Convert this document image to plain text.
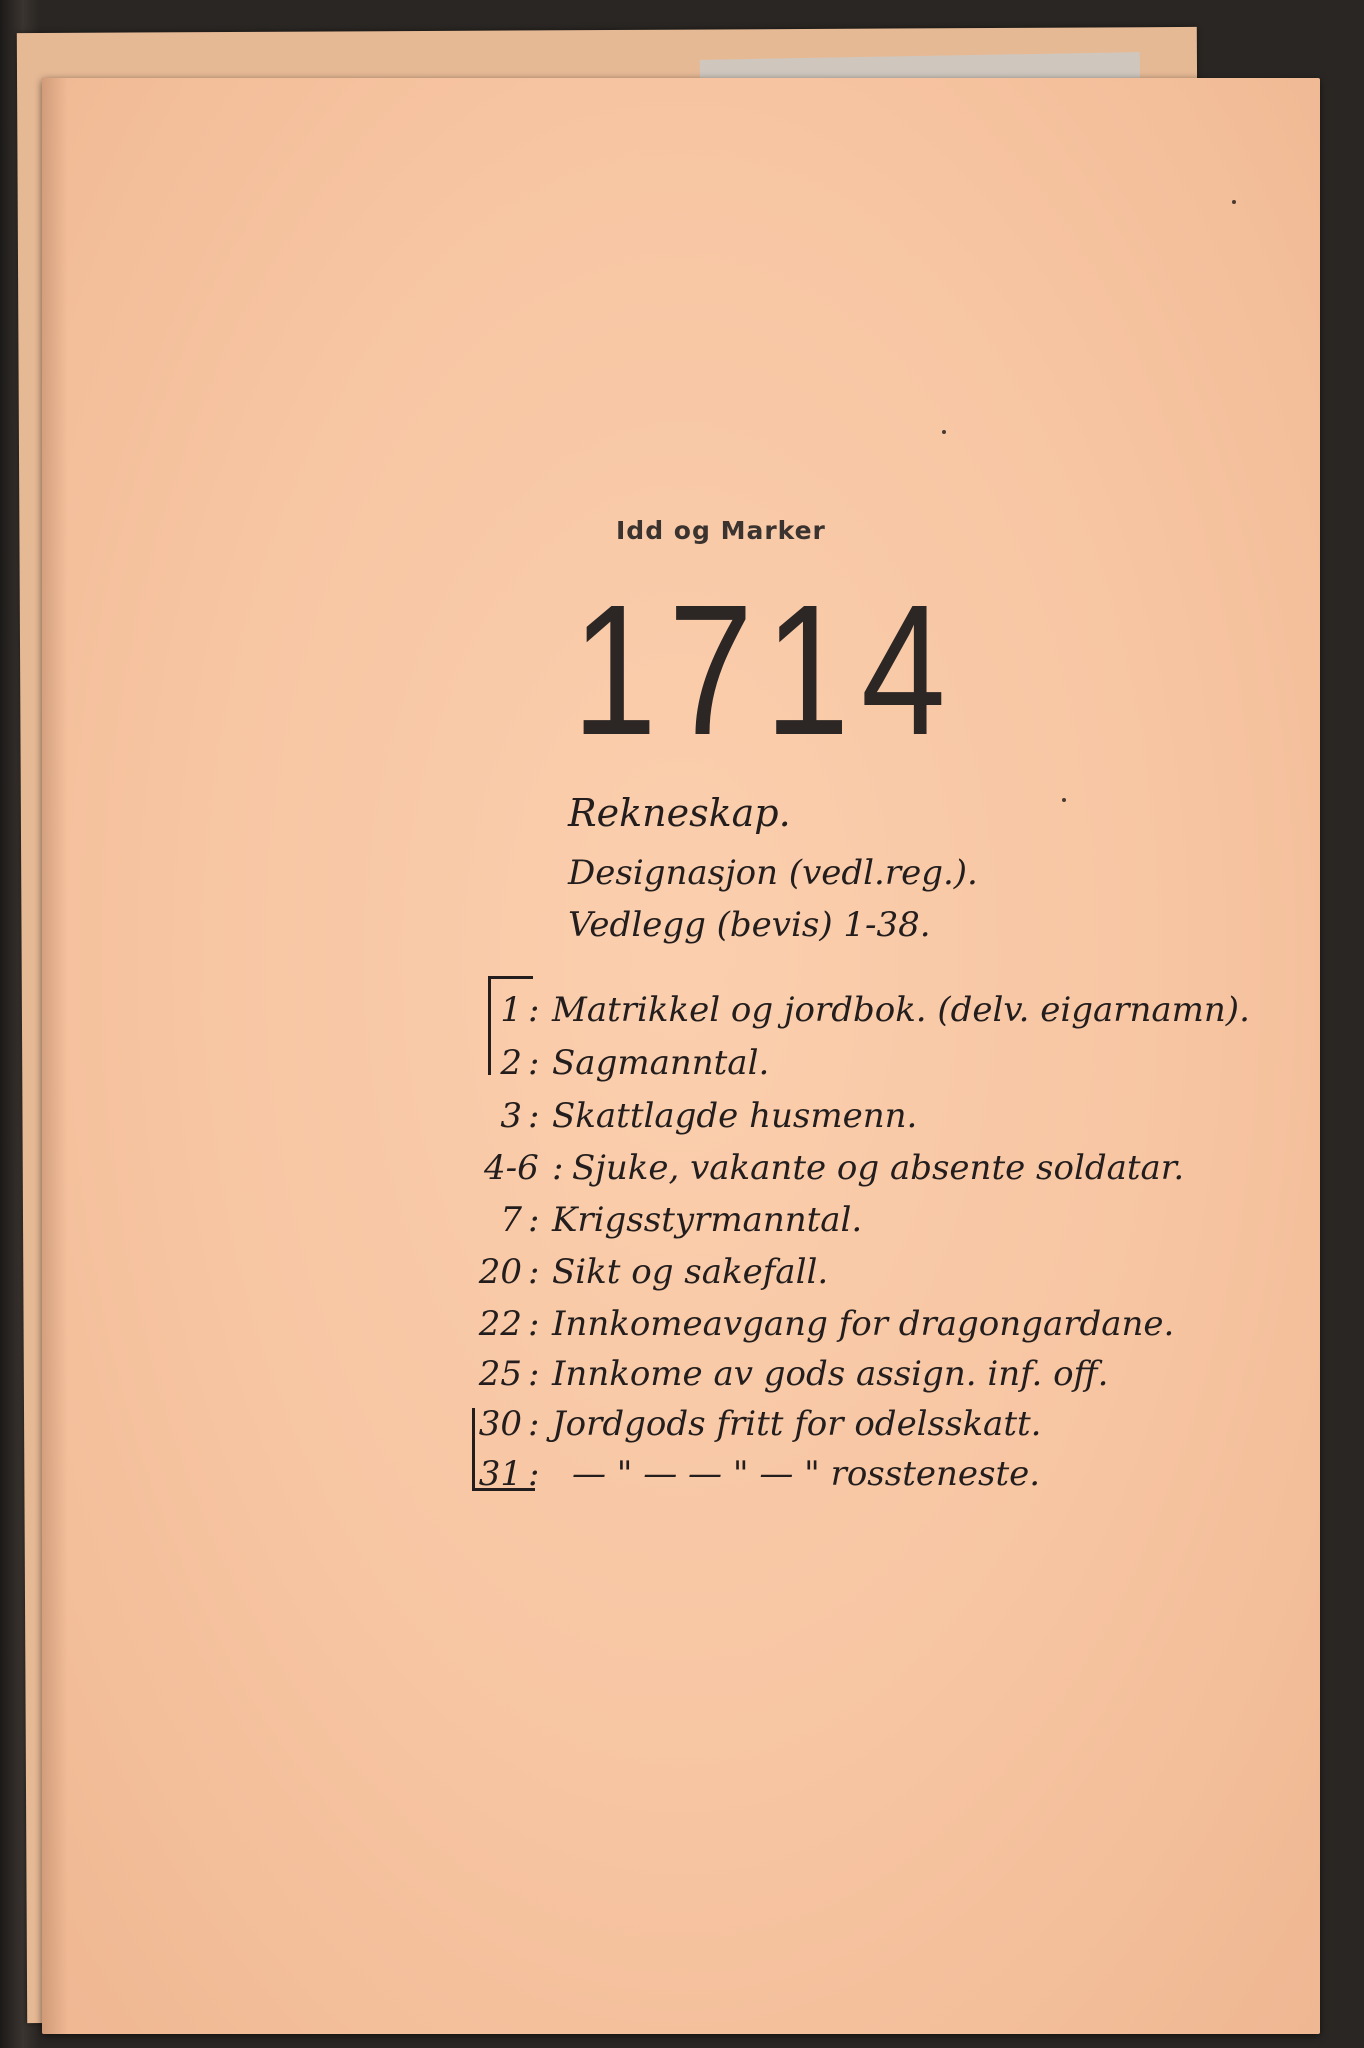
Idd og Marker

1714

Rekneskap.

Designasjon (vedl.reg.).

Vedlegg (bevis) 1-38.

1 : Matrikkel og jordbok. (delv. eigarnamn).
2 : Sagmanntal.
3 : Skattlagde husmenn.
4-6 : Sjuke, vakante og absente soldatar.
7 : Krigsstyrmanntal.
20 : Sikt og sakefall.
22 : Innkomeavgang for dragongardane.
25 : Innkome av gods assign. inf. off.
30 : Jordgods fritt for odelsskatt.
31 : — " — — " — " rossteneste.
